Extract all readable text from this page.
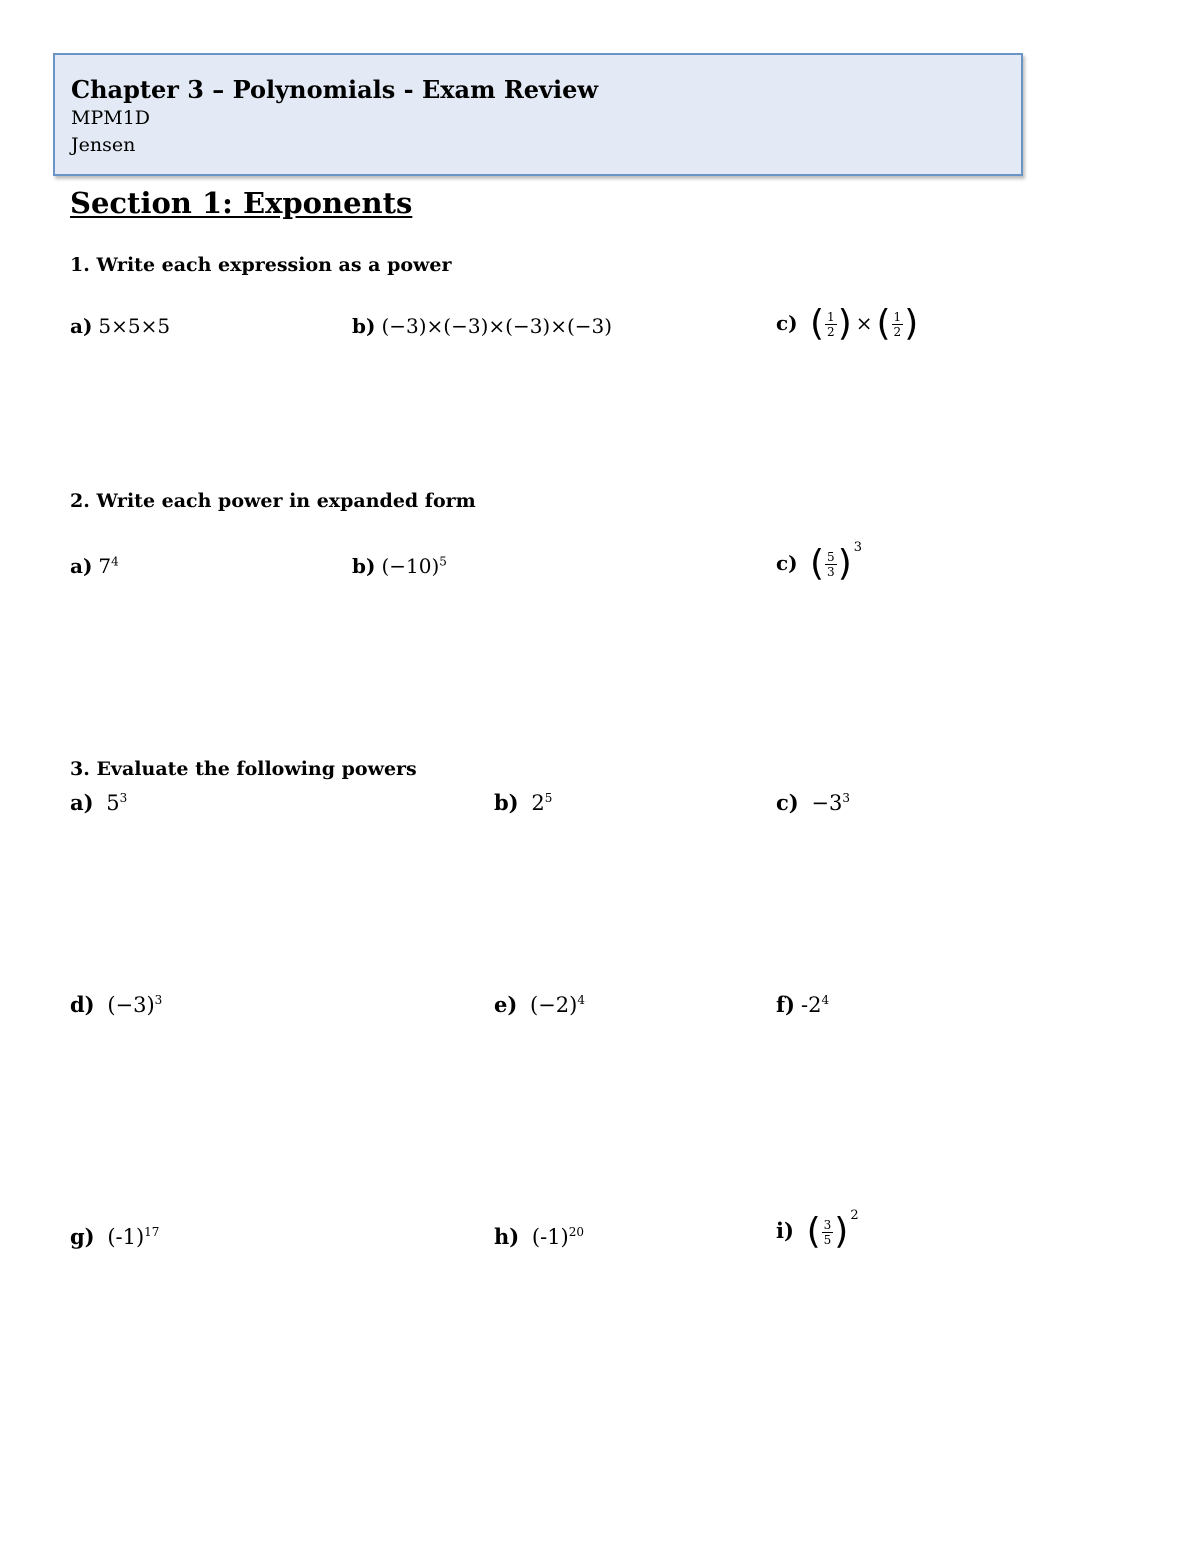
Chapter 3 – Polynomials - Exam Review
MPM1D
Jensen
Section 1: Exponents
1. Write each expression as a power
a) 5×5×5	b) (−3)×(−3)×(−3)×(−3)	c) ( $\frac{1}{2}$ ) × ( $\frac{1}{2}$ )
2. Write each power in expanded form
a) $7^4$	b) $(-10)^5$	c) ( $\frac{5}{3}$ ) 3
3. Evaluate the following powers
a) $5^3$	b) $2^5$	$c) -3^3$
d) $(-3)^3$	e) $(-2)^4$	f) $-2^4$
g) $(-1)^{17}$	h) $(-1)^{20}$	i) ( $\frac{3}{5}$ ) 2
